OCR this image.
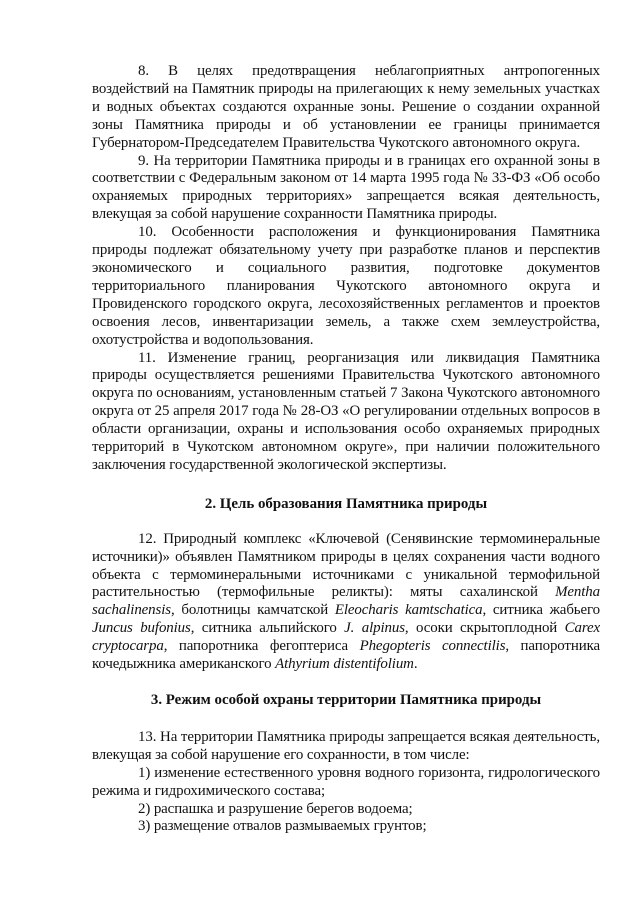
8. В целях предотвращения неблагоприятных антропогенных воздействий на Памятник природы на прилегающих к нему земельных участках и водных объектах создаются охранные зоны. Решение о создании охранной зоны Памятника природы и об установлении ее границы принимается Губернатором-Председателем Правительства Чукотского автономного округа.

9. На территории Памятника природы и в границах его охранной зоны в соответствии с Федеральным законом от 14 марта 1995 года № 33-ФЗ «Об особо охраняемых природных территориях» запрещается всякая деятельность, влекущая за собой нарушение сохранности Памятника природы.

10. Особенности расположения и функционирования Памятника природы подлежат обязательному учету при разработке планов и перспектив экономического и социального развития, подготовке документов территориального планирования Чукотского автономного округа и Провиденского городского округа, лесохозяйственных регламентов и проектов освоения лесов, инвентаризации земель, а также схем землеустройства, охотустройства и водопользования.

11. Изменение границ, реорганизация или ликвидация Памятника природы осуществляется решениями Правительства Чукотского автономного округа по основаниям, установленным статьей 7 Закона Чукотского автономного округа от 25 апреля 2017 года № 28-ОЗ «О регулировании отдельных вопросов в области организации, охраны и использования особо охраняемых природных территорий в Чукотском автономном округе», при наличии положительного заключения государственной экологической экспертизы.

2. Цель образования Памятника природы

12. Природный комплекс «Ключевой (Сенявинские термоминеральные источники)» объявлен Памятником природы в целях сохранения части водного объекта с термоминеральными источниками с уникальной термофильной растительностью (термофильные реликты): мяты сахалинской Mentha sachalinensis, болотницы камчатской Eleocharis kamtschatica, ситника жабьего Juncus bufonius, ситника альпийского J. alpinus, осоки скрытоплодной Carex cryptocarpa, папоротника фегоптериса Phegopteris connectilis, папоротника кочедыжника американского Athyrium distentifolium.

3. Режим особой охраны территории Памятника природы

13. На территории Памятника природы запрещается всякая деятельность, влекущая за собой нарушение его сохранности, в том числе:

1) изменение естественного уровня водного горизонта, гидрологического режима и гидрохимического состава;

2) распашка и разрушение берегов водоема;

3) размещение отвалов размываемых грунтов;
